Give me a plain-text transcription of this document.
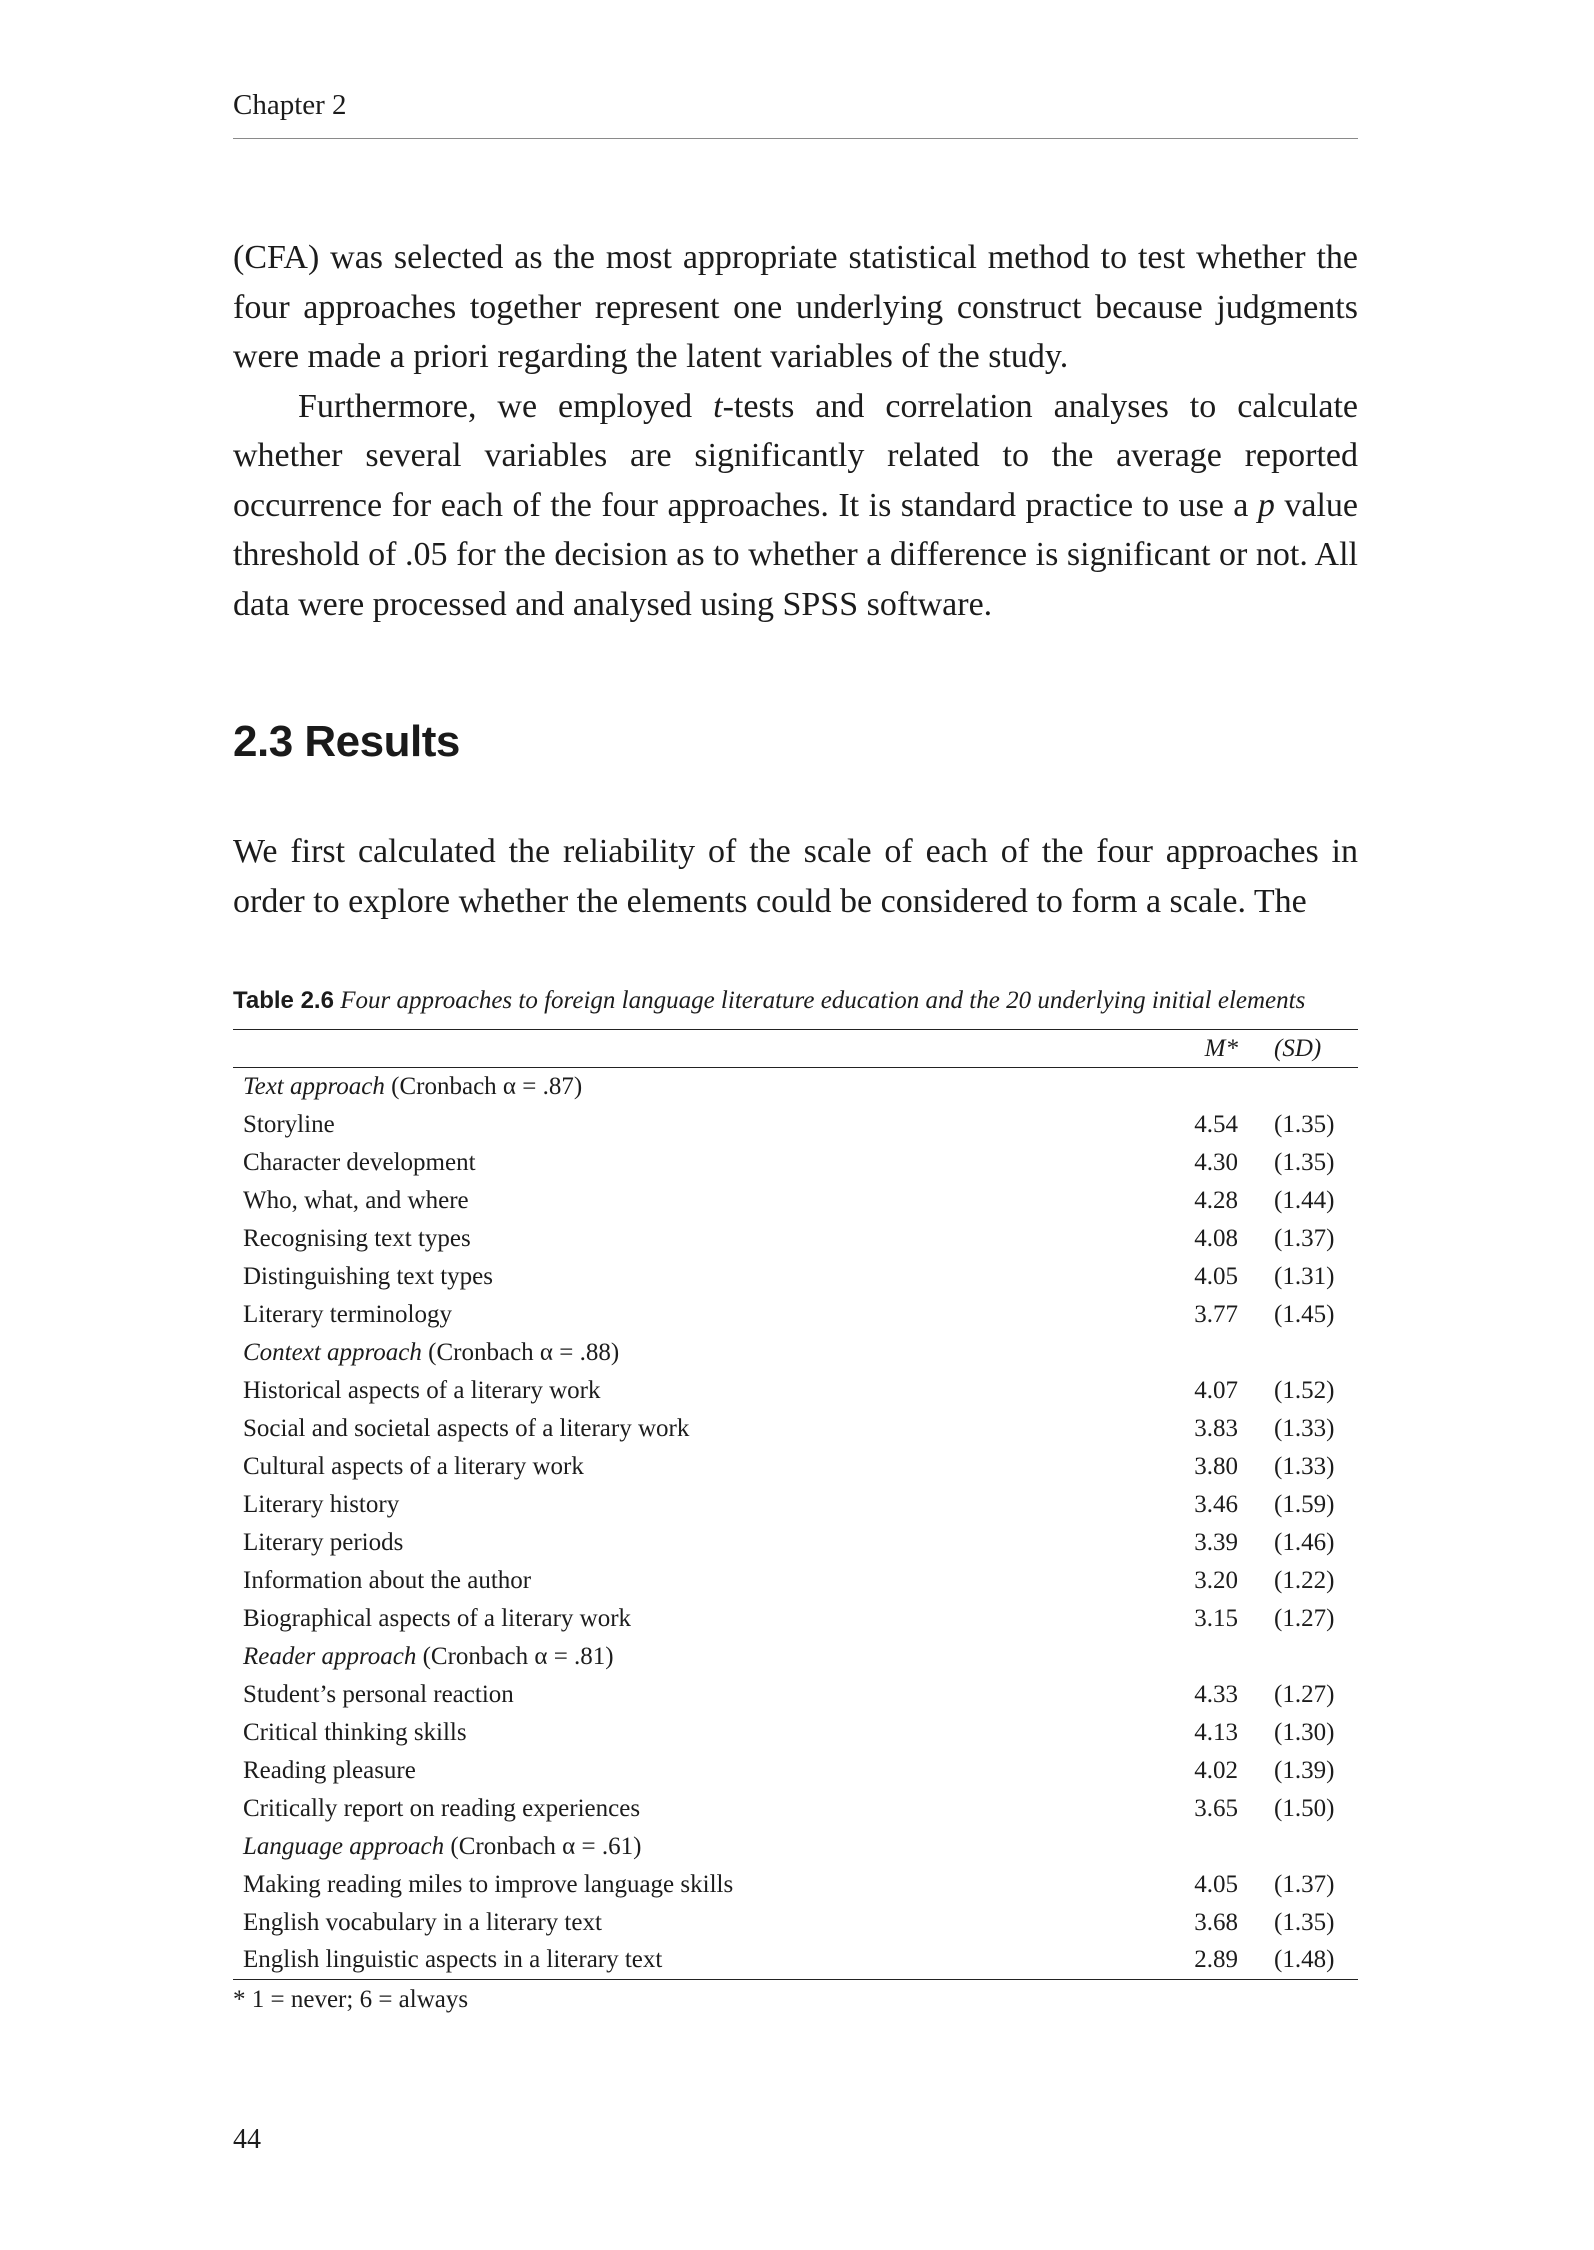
Chapter 2

(CFA) was selected as the most appropriate statistical method to test whether the four approaches together represent one underlying construct because judgments were made a priori regarding the latent variables of the study.

Furthermore, we employed t-tests and correlation analyses to calculate whether several variables are significantly related to the average reported occurrence for each of the four approaches. It is standard practice to use a p value threshold of .05 for the decision as to whether a difference is significant or not. All data were processed and analysed using SPSS software.

2.3 Results

We first calculated the reliability of the scale of each of the four approaches in order to explore whether the elements could be considered to form a scale. The

Table 2.6 Four approaches to foreign language literature education and the 20 underlying initial elements
	M*	(SD)
Text approach (Cronbach α = .87)		
Storyline	4.54	(1.35)
Character development	4.30	(1.35)
Who, what, and where	4.28	(1.44)
Recognising text types	4.08	(1.37)
Distinguishing text types	4.05	(1.31)
Literary terminology	3.77	(1.45)
Context approach (Cronbach α = .88)		
Historical aspects of a literary work	4.07	(1.52)
Social and societal aspects of a literary work	3.83	(1.33)
Cultural aspects of a literary work	3.80	(1.33)
Literary history	3.46	(1.59)
Literary periods	3.39	(1.46)
Information about the author	3.20	(1.22)
Biographical aspects of a literary work	3.15	(1.27)
Reader approach (Cronbach α = .81)		
Student’s personal reaction	4.33	(1.27)
Critical thinking skills	4.13	(1.30)
Reading pleasure	4.02	(1.39)
Critically report on reading experiences	3.65	(1.50)
Language approach (Cronbach α = .61)		
Making reading miles to improve language skills	4.05	(1.37)
English vocabulary in a literary text	3.68	(1.35)
English linguistic aspects in a literary text	2.89	(1.48)
* 1 = never; 6 = always
44
